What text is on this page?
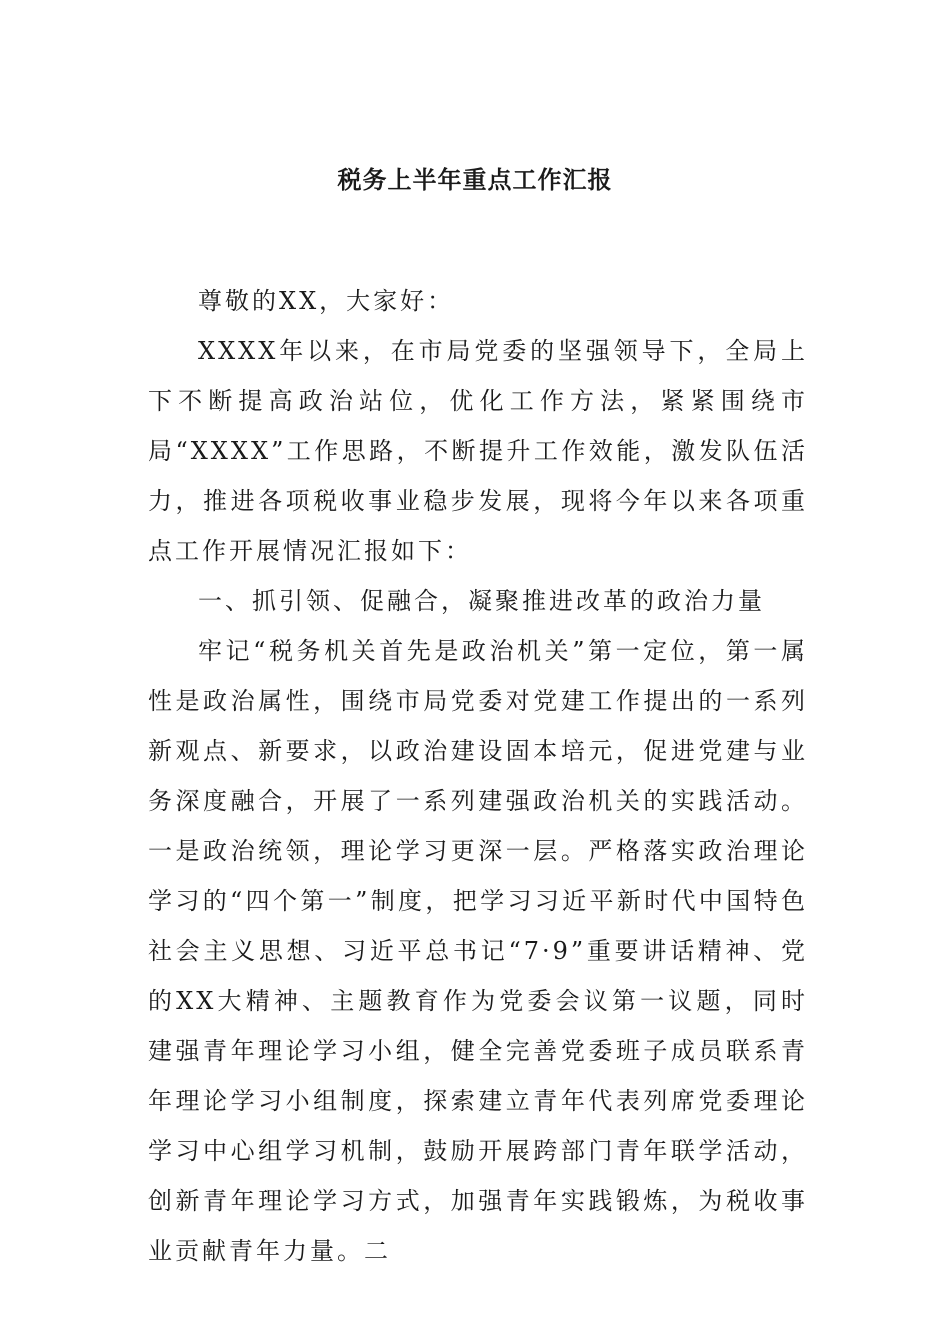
税务上半年重点工作汇报

尊敬的XX，大家好：

XXXX年以来，在市局党委的坚强领导下，全局上下不断提高政治站位，优化工作方法，紧紧围绕市局“XXXX”工作思路，不断提升工作效能，激发队伍活力，推进各项税收事业稳步发展，现将今年以来各项重点工作开展情况汇报如下：

一、抓引领、促融合，凝聚推进改革的政治力量

牢记“税务机关首先是政治机关”第一定位，第一属性是政治属性，围绕市局党委对党建工作提出的一系列新观点、新要求，以政治建设固本培元，促进党建与业务深度融合，开展了一系列建强政治机关的实践活动。一是政治统领，理论学习更深一层。严格落实政治理论学习的“四个第一”制度，把学习习近平新时代中国特色社会主义思想、习近平总书记“7·9”重要讲话精神、党的XX大精神、主题教育作为党委会议第一议题，同时建强青年理论学习小组，健全完善党委班子成员联系青年理论学习小组制度，探索建立青年代表列席党委理论学习中心组学习机制，鼓励开展跨部门青年联学活动，创新青年理论学习方式，加强青年实践锻炼，为税收事业贡献青年力量。二
